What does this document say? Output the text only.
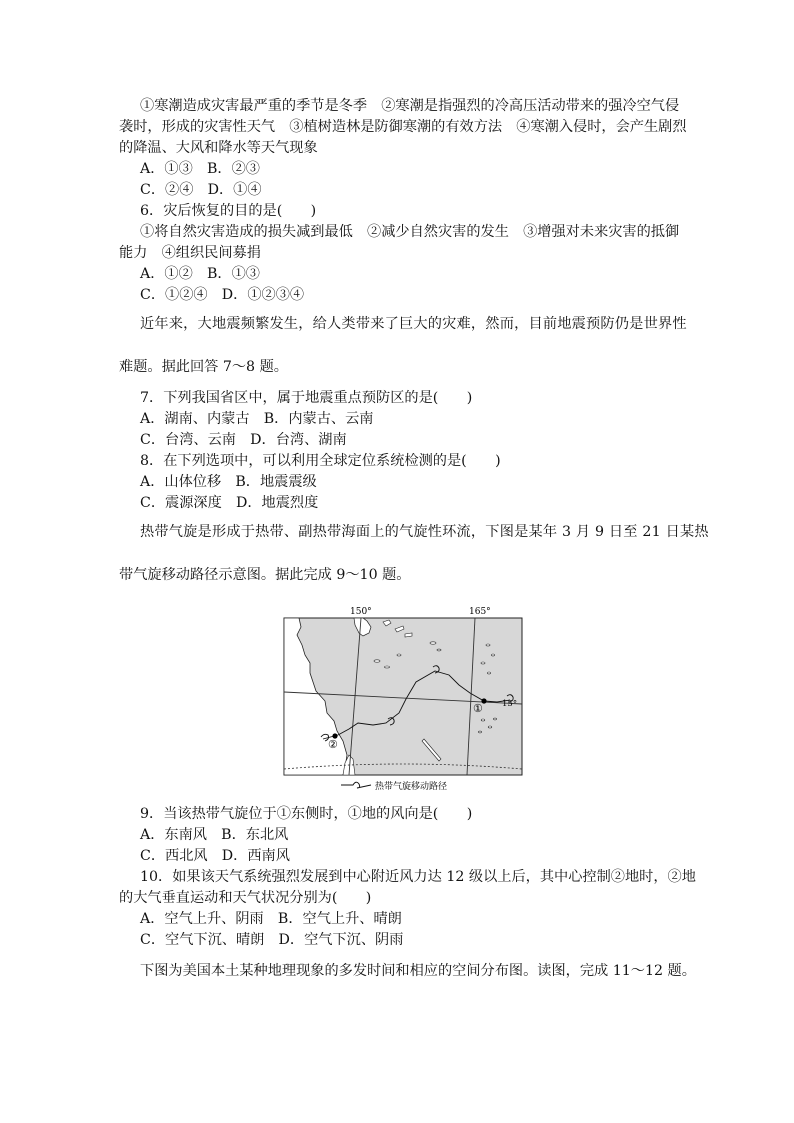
①寒潮造成灾害最严重的季节是冬季　②寒潮是指强烈的冷高压活动带来的强冷空气侵
袭时，形成的灾害性天气　③植树造林是防御寒潮的有效方法　④寒潮入侵时，会产生剧烈
的降温、大风和降水等天气现象
A．①③　B．②③
C．②④　D．①④
6．灾后恢复的目的是(　　)
①将自然灾害造成的损失减到最低　②减少自然灾害的发生　③增强对未来灾害的抵御
能力　④组织民间募捐
A．①②　B．①③
C．①②④　D．①②③④
近年来，大地震频繁发生，给人类带来了巨大的灾难，然而，目前地震预防仍是世界性
难题。据此回答 7～8 题。
7．下列我国省区中，属于地震重点预防区的是(　　)
A．湖南、内蒙古　B．内蒙古、云南
C．台湾、云南　D．台湾、湖南
8．在下列选项中，可以利用全球定位系统检测的是(　　)
A．山体位移　B．地震震级
C．震源深度　D．地震烈度
热带气旋是形成于热带、副热带海面上的气旋性环流，下图是某年 3 月 9 日至 21 日某热
带气旋移动路径示意图。据此完成 9～10 题。
9．当该热带气旋位于①东侧时，①地的风向是(　　)
A．东南风　B．东北风
C．西北风　D．西南风
10．如果该天气系统强烈发展到中心附近风力达 12 级以上后，其中心控制②地时，②地
的大气垂直运动和天气状况分别为(　　)
A．空气上升、阴雨　B．空气上升、晴朗
C．空气下沉、晴朗　D．空气下沉、阴雨
下图为美国本土某种地理现象的多发时间和相应的空间分布图。读图，完成 11～12 题。
150°	165°
15°
①
②
热带气旋移动路径
